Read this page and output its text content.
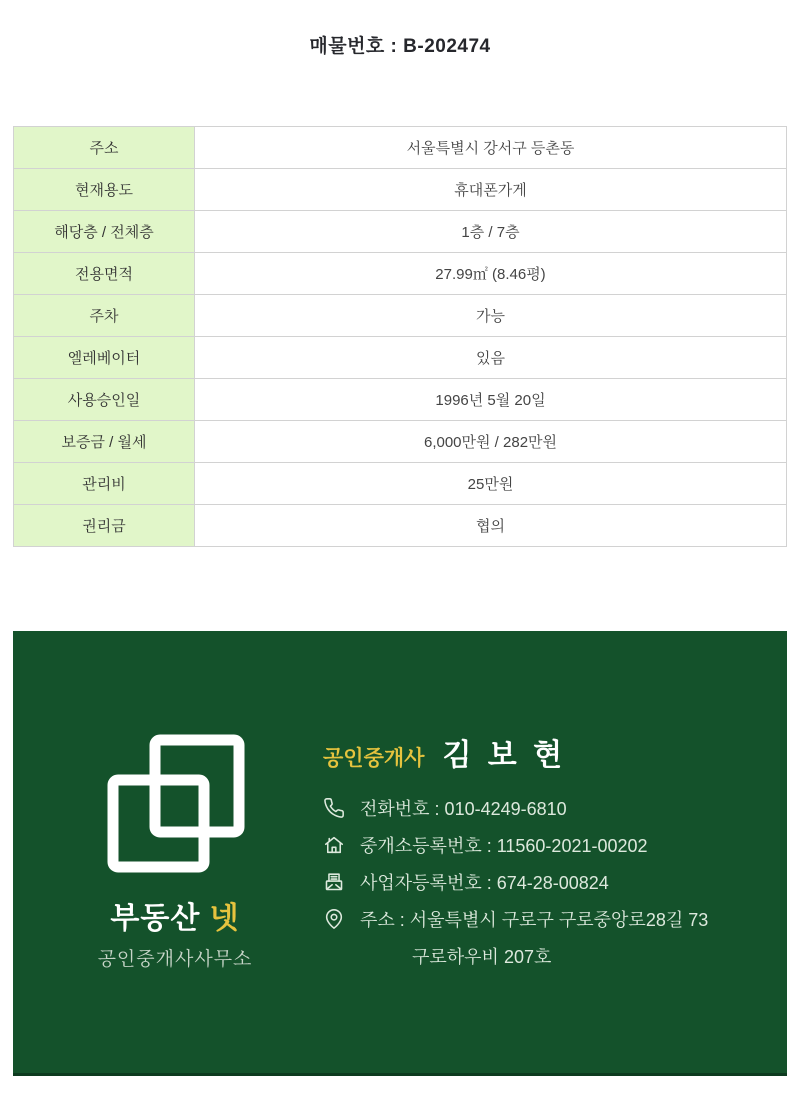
매물번호 : B-202474
주소	서울특별시 강서구 등촌동
현재용도	휴대폰가게
해당층 / 전체층	1층 / 7층
전용면적	27.99㎡ (8.46평)
주차	가능
엘레베이터	있음
사용승인일	1996년 5월 20일
보증금 / 월세	6,000만원 / 282만원
관리비	25만원
권리금	협의
부동산 넷
공인중개사사무소
공인중개사 김 보 현
전화번호 : 010-4249-6810
중개소등록번호 : 11560-2021-00202
사업자등록번호 : 674-28-00824
주소 : 서울특별시 구로구 구로중앙로28길 73
구로하우비 207호
